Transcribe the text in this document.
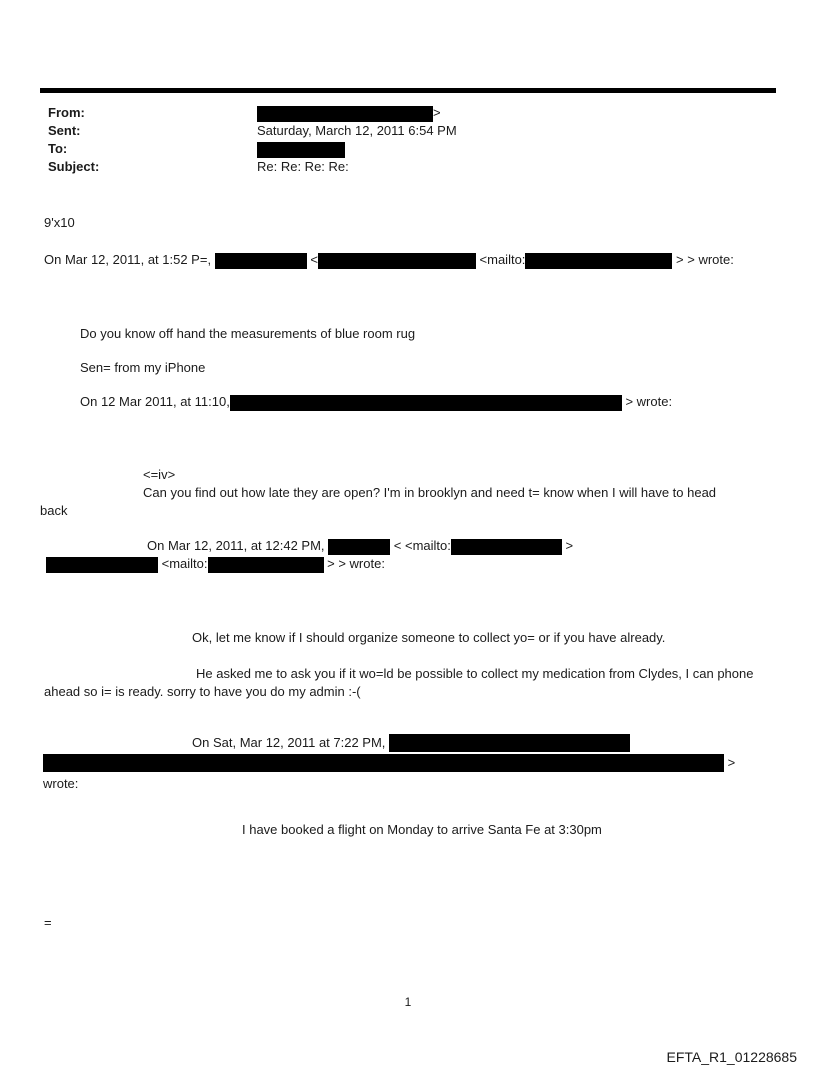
From:	>
Sent:	Saturday, March 12, 2011 6:54 PM
To:
Subject:	Re: Re: Re: Re:
9'x10
On Mar 12, 2011, at 1:52 P=,	<	<mailto:	> > wrote:
Do you know off hand the measurements of blue room rug
Sen= from my iPhone
On 12 Mar 2011, at 11:10,	> wrote:
<=iv>
Can you find out how late they are open? I'm in brooklyn and need t= know when I will have to head
back
On Mar 12, 2011, at 12:42 PM,	< <mailto:	>
<mailto:	> > wrote:
Ok, let me know if I should organize someone to collect yo= or if you have already.
He asked me to ask you if it wo=ld be possible to collect my medication from Clydes, I can phone
ahead so i= is ready. sorry to have you do my admin :-(
On Sat, Mar 12, 2011 at 7:22 PM,
>
wrote:
I have booked a flight on Monday to arrive Santa Fe at 3:30pm
=
1
EFTA_R1_01228685
